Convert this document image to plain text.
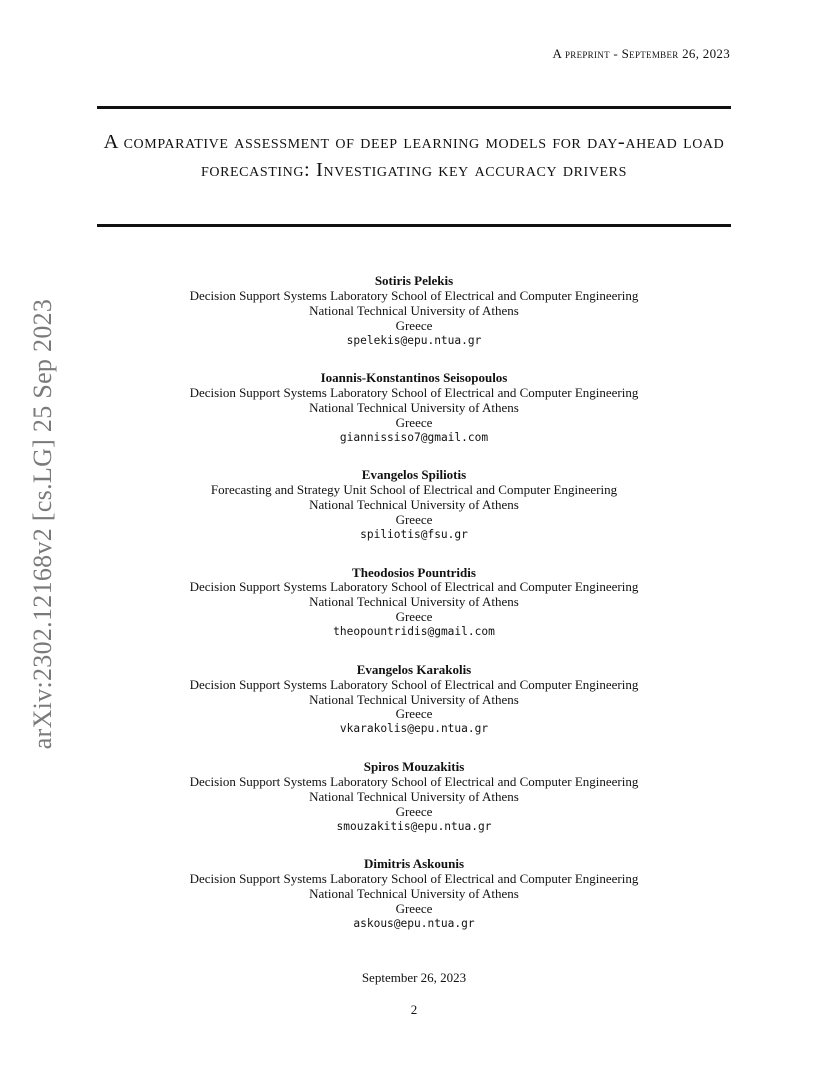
A preprint - September 26, 2023
A comparative assessment of deep learning models for day-ahead load forecasting: Investigating key accuracy drivers
arXiv:2302.12168v2 [cs.LG] 25 Sep 2023
Sotiris Pelekis
Decision Support Systems Laboratory School of Electrical and Computer Engineering
National Technical University of Athens
Greece
spelekis@epu.ntua.gr
Ioannis-Konstantinos Seisopoulos
Decision Support Systems Laboratory School of Electrical and Computer Engineering
National Technical University of Athens
Greece
giannissiso7@gmail.com
Evangelos Spiliotis
Forecasting and Strategy Unit School of Electrical and Computer Engineering
National Technical University of Athens
Greece
spiliotis@fsu.gr
Theodosios Pountridis
Decision Support Systems Laboratory School of Electrical and Computer Engineering
National Technical University of Athens
Greece
theopountridis@gmail.com
Evangelos Karakolis
Decision Support Systems Laboratory School of Electrical and Computer Engineering
National Technical University of Athens
Greece
vkarakolis@epu.ntua.gr
Spiros Mouzakitis
Decision Support Systems Laboratory School of Electrical and Computer Engineering
National Technical University of Athens
Greece
smouzakitis@epu.ntua.gr
Dimitris Askounis
Decision Support Systems Laboratory School of Electrical and Computer Engineering
National Technical University of Athens
Greece
askous@epu.ntua.gr
September 26, 2023
2
